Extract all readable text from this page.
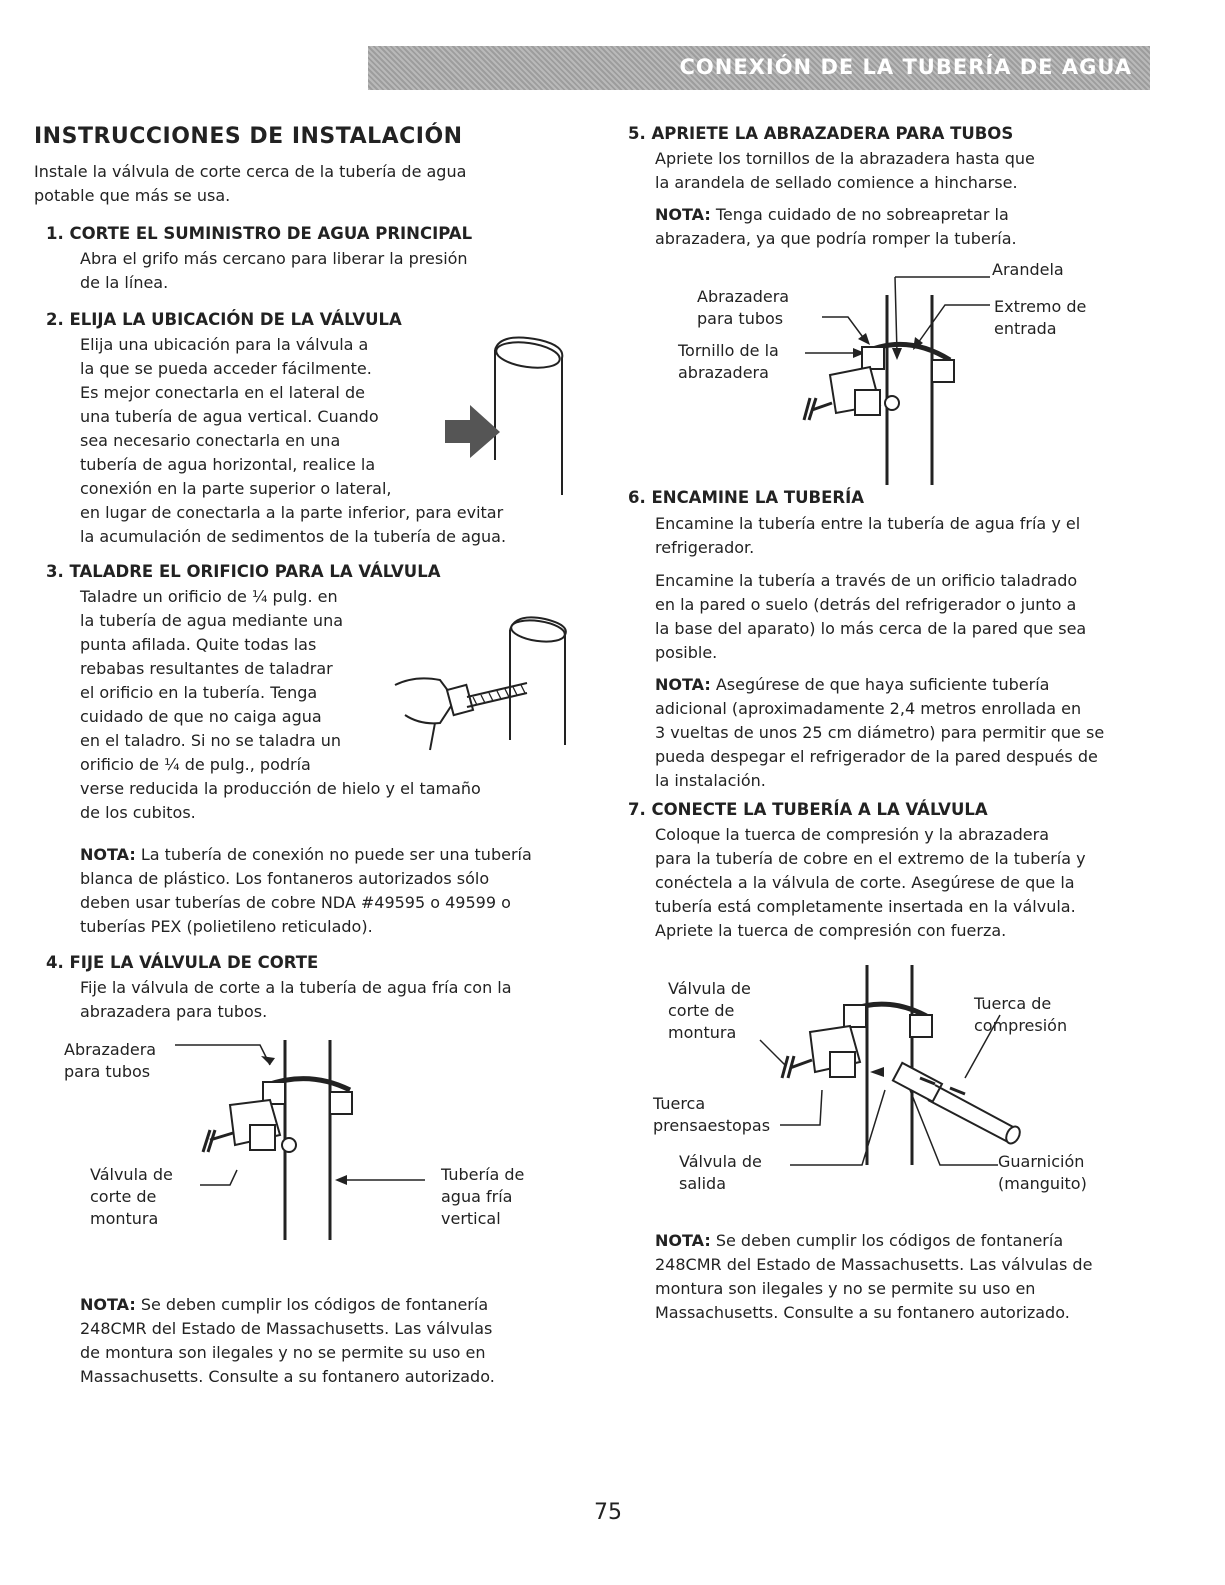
CONEXIÓN DE LA TUBERÍA DE AGUA
INSTRUCCIONES DE INSTALACIÓN
Instale la válvula de corte cerca de la tubería de agua
potable que más se usa.
1. CORTE EL SUMINISTRO DE AGUA PRINCIPAL
Abra el grifo más cercano para liberar la presión
de la línea.
2. ELIJA LA UBICACIÓN DE LA VÁLVULA
Elija una ubicación para la válvula a
la que se pueda acceder fácilmente.
Es mejor conectarla en el lateral de
una tubería de agua vertical. Cuando
sea necesario conectarla en una
tubería de agua horizontal, realice la
conexión en la parte superior o lateral,
en lugar de conectarla a la parte inferior, para evitar
la acumulación de sedimentos de la tubería de agua.
3. TALADRE EL ORIFICIO PARA LA VÁLVULA
Taladre un orificio de ¼ pulg. en
la tubería de agua mediante una
punta afilada. Quite todas las
rebabas resultantes de taladrar
el orificio en la tubería. Tenga
cuidado de que no caiga agua
en el taladro. Si no se taladra un
orificio de ¼ de pulg., podría
verse reducida la producción de hielo y el tamaño
de los cubitos.
NOTA: La tubería de conexión no puede ser una tubería
blanca de plástico. Los fontaneros autorizados sólo
deben usar tuberías de cobre NDA #49595 o 49599 o
tuberías PEX (polietileno reticulado).
4. FIJE LA VÁLVULA DE CORTE
Fije la válvula de corte a la tubería de agua fría con la
abrazadera para tubos.
Abrazadera
para tubos
Válvula de
corte de
montura
Tubería de
agua fría
vertical
NOTA: Se deben cumplir los códigos de fontanería
248CMR del Estado de Massachusetts. Las válvulas
de montura son ilegales y no se permite su uso en
Massachusetts. Consulte a su fontanero autorizado.
5. APRIETE LA ABRAZADERA PARA TUBOS
Apriete los tornillos de la abrazadera hasta que
la arandela de sellado comience a hincharse.
NOTA: Tenga cuidado de no sobreapretar la
abrazadera, ya que podría romper la tubería.
Arandela
Abrazadera
para tubos
Extremo de
entrada
Tornillo de la
abrazadera
6. ENCAMINE LA TUBERÍA
Encamine la tubería entre la tubería de agua fría y el
refrigerador.
Encamine la tubería a través de un orificio taladrado
en la pared o suelo (detrás del refrigerador o junto a
la base del aparato) lo más cerca de la pared que sea
posible.
NOTA: Asegúrese de que haya suficiente tubería
adicional (aproximadamente 2,4 metros enrollada en
3 vueltas de unos 25 cm diámetro) para permitir que se
pueda despegar el refrigerador de la pared después de
la instalación.
7. CONECTE LA TUBERÍA A LA VÁLVULA
Coloque la tuerca de compresión y la abrazadera
para la tubería de cobre en el extremo de la tubería y
conéctela a la válvula de corte. Asegúrese de que la
tubería está completamente insertada en la válvula.
Apriete la tuerca de compresión con fuerza.
Válvula de
corte de
montura
Tuerca de
compresión
Tuerca
prensaestopas
Válvula de
salida
Guarnición
(manguito)
NOTA: Se deben cumplir los códigos de fontanería
248CMR del Estado de Massachusetts. Las válvulas de
montura son ilegales y no se permite su uso en
Massachusetts. Consulte a su fontanero autorizado.
75
